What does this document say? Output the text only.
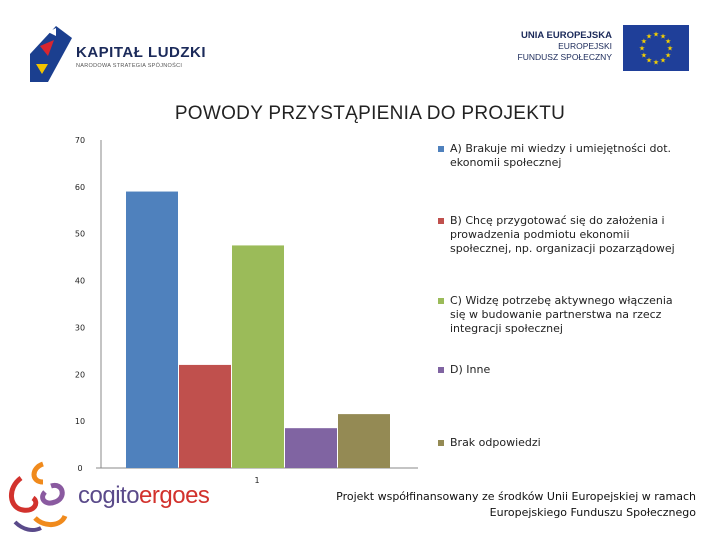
KAPITAŁ LUDZKI
NARODOWA STRATEGIA SPÓJNOŚCI
UNIA EUROPEJSKA
EUROPEJSKI
FUNDUSZ SPOŁECZNY
★ ★
★
★
★
★
★
★
★
★
★
★
POWODY PRZYSTĄPIENIA DO PROJEKTU
0
10
20
30
40
50
60
70
1
A) Brakuje mi wiedzy i umiejętności dot. ekonomii społecznej
B) Chcę przygotować się do założenia i prowadzenia podmiotu ekonomii społecznej, np. organizacji pozarządowej
C) Widzę potrzebę aktywnego włączenia się w budowanie partnerstwa na rzecz integracji społecznej
D) Inne
Brak odpowiedzi
cogitoergoes	Projekt współfinansowany ze środków Unii Europejskiej w ramach Europejskiego Funduszu Społecznego
